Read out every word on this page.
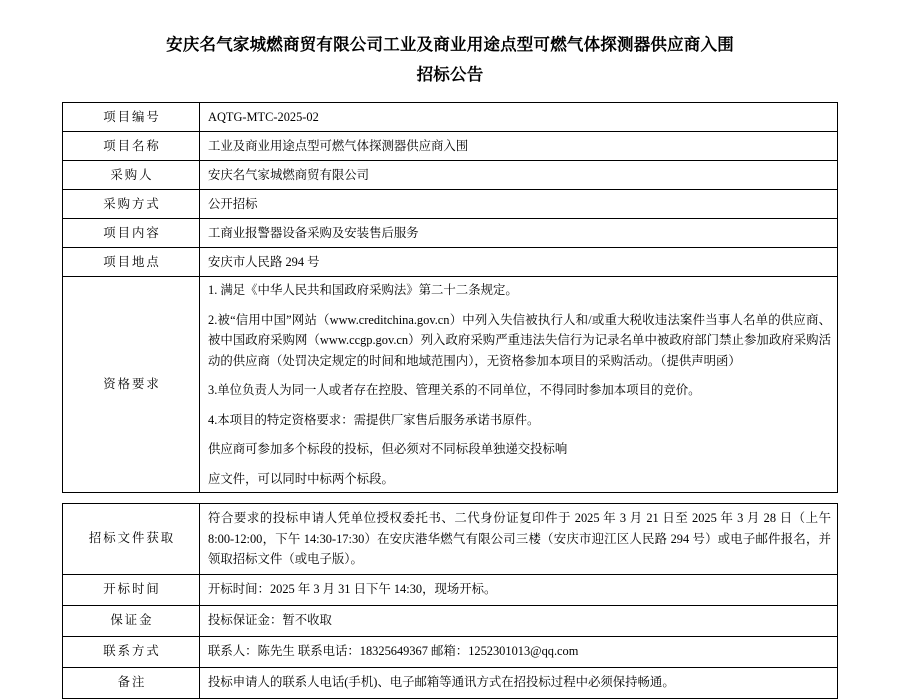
安庆名气家城燃商贸有限公司工业及商业用途点型可燃气体探测器供应商入围
招标公告
项目编号	AQTG-MTC-2025-02
项目名称	工业及商业用途点型可燃气体探测器供应商入围
采购人	安庆名气家城燃商贸有限公司
采购方式	公开招标
项目内容	工商业报警器设备采购及安装售后服务
项目地点	安庆市人民路 294 号
资格要求	

1. 满足《中华人民共和国政府采购法》第二十二条规定。

2.被“信用中国”网站（www.creditchina.gov.cn）中列入失信被执行人和/或重大税收违法案件当事人名单的供应商、被中国政府采购网（www.ccgp.gov.cn）列入政府采购严重违法失信行为记录名单中被政府部门禁止参加政府采购活动的供应商（处罚决定规定的时间和地域范围内），无资格参加本项目的采购活动。（提供声明函）

3.单位负责人为同一人或者存在控股、管理关系的不同单位，不得同时参加本项目的竞价。

4.本项目的特定资格要求：需提供厂家售后服务承诺书原件。

供应商可参加多个标段的投标，但必须对不同标段单独递交投标响

应文件，可以同时中标两个标段。

招标文件获取	符合要求的投标申请人凭单位授权委托书、二代身份证复印件于 2025 年 3 月 21 日至 2025 年 3 月 28 日（上午 8:00-12:00，下午 14:30-17:30）在安庆港华燃气有限公司三楼（安庆市迎江区人民路 294 号）或电子邮件报名，并领取招标文件（或电子版）。

开标时间	开标时间：2025 年 3 月 31 日下午 14:30，现场开标。
保证金	投标保证金：暂不收取
联系方式	联系人：陈先生 联系电话：18325649367 邮箱：1252301013@qq.com
备注	投标申请人的联系人电话(手机)、电子邮箱等通讯方式在招投标过程中必须保持畅通。
